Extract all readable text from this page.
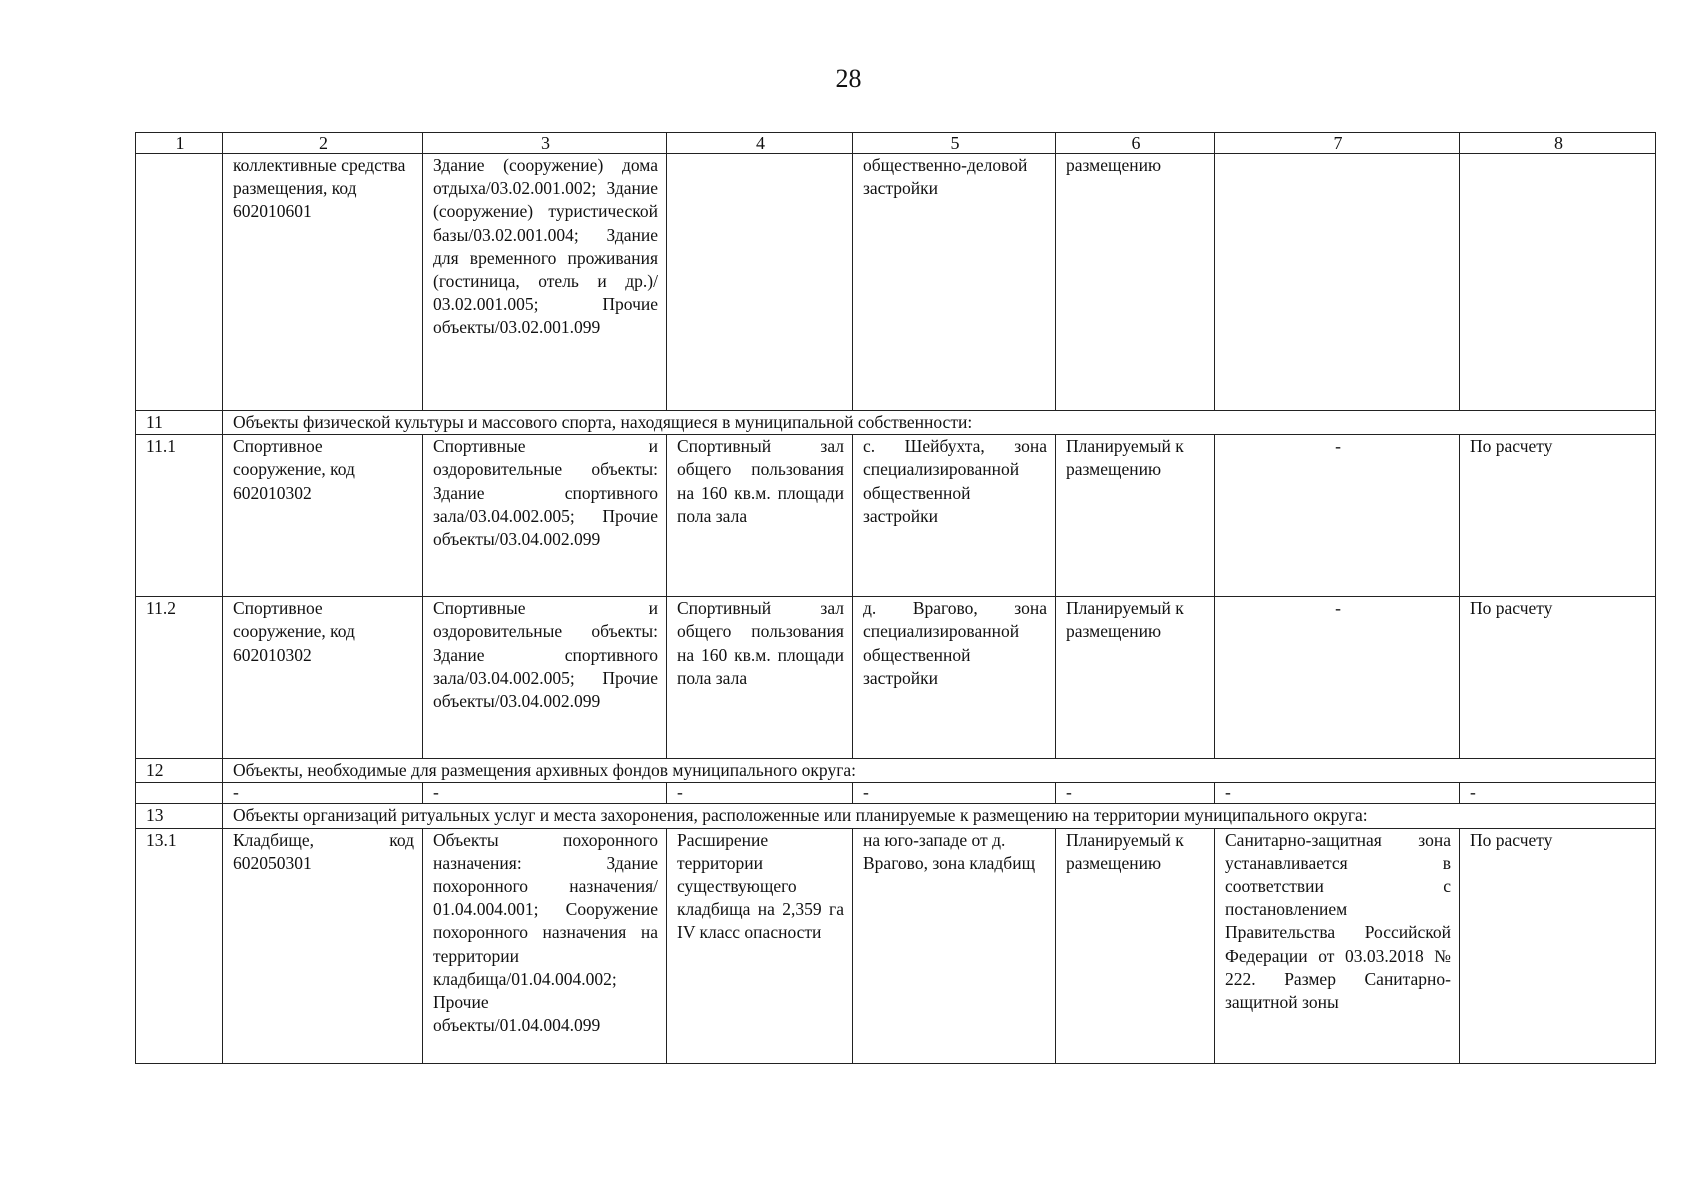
28
1	2	3	4	5	6	7	8
	коллективные средства размещения, код 602010601	Здание (сооружение) дома отдыха/03.02.001.002; Здание (сооружение) туристической базы/03.02.001.004; Здание для временного проживания (гостиница, отель и др.)/ 03.02.001.005; Прочие объекты/03.02.001.099		общественно-деловой застройки	размещению		
11	Объекты физической культуры и массового спорта, находящиеся в муниципальной собственности:						
11.1	Спортивное сооружение, код 602010302	Спортивные и оздоровительные объекты: Здание спортивного зала/03.04.002.005; Прочие объекты/03.04.002.099	Спортивный зал общего пользования на 160 кв.м. площади пола зала	с. Шейбухта, зона специализированной общественной застройки	Планируемый к размещению	-	По расчету
11.2	Спортивное сооружение, код 602010302	Спортивные и оздоровительные объекты: Здание спортивного зала/03.04.002.005; Прочие объекты/03.04.002.099	Спортивный зал общего пользования на 160 кв.м. площади пола зала	д. Врагово, зона специализированной общественной застройки	Планируемый к размещению	-	По расчету
12	Объекты, необходимые для размещения архивных фондов муниципального округа:						
	-	-	-	-	-	-	-
13	Объекты организаций ритуальных услуг и места захоронения, расположенные или планируемые к размещению на территории муниципального округа:						
13.1	Кладбище, код 602050301	Объекты похоронного назначения: Здание похоронного назначения/ 01.04.004.001; Сооружение похоронного назначения на территории кладбища/01.04.004.002; Прочие объекты/01.04.004.099	Расширение территории существующего кладбища на 2,359 га IV класс опасности	на юго-западе от д. Врагово, зона кладбищ	Планируемый к размещению	Санитарно-защитная зона устанавливается в соответствии с постановлением Правительства Российской Федерации от 03.03.2018 № 222. Размер Санитарно-защитной зоны	По расчету
